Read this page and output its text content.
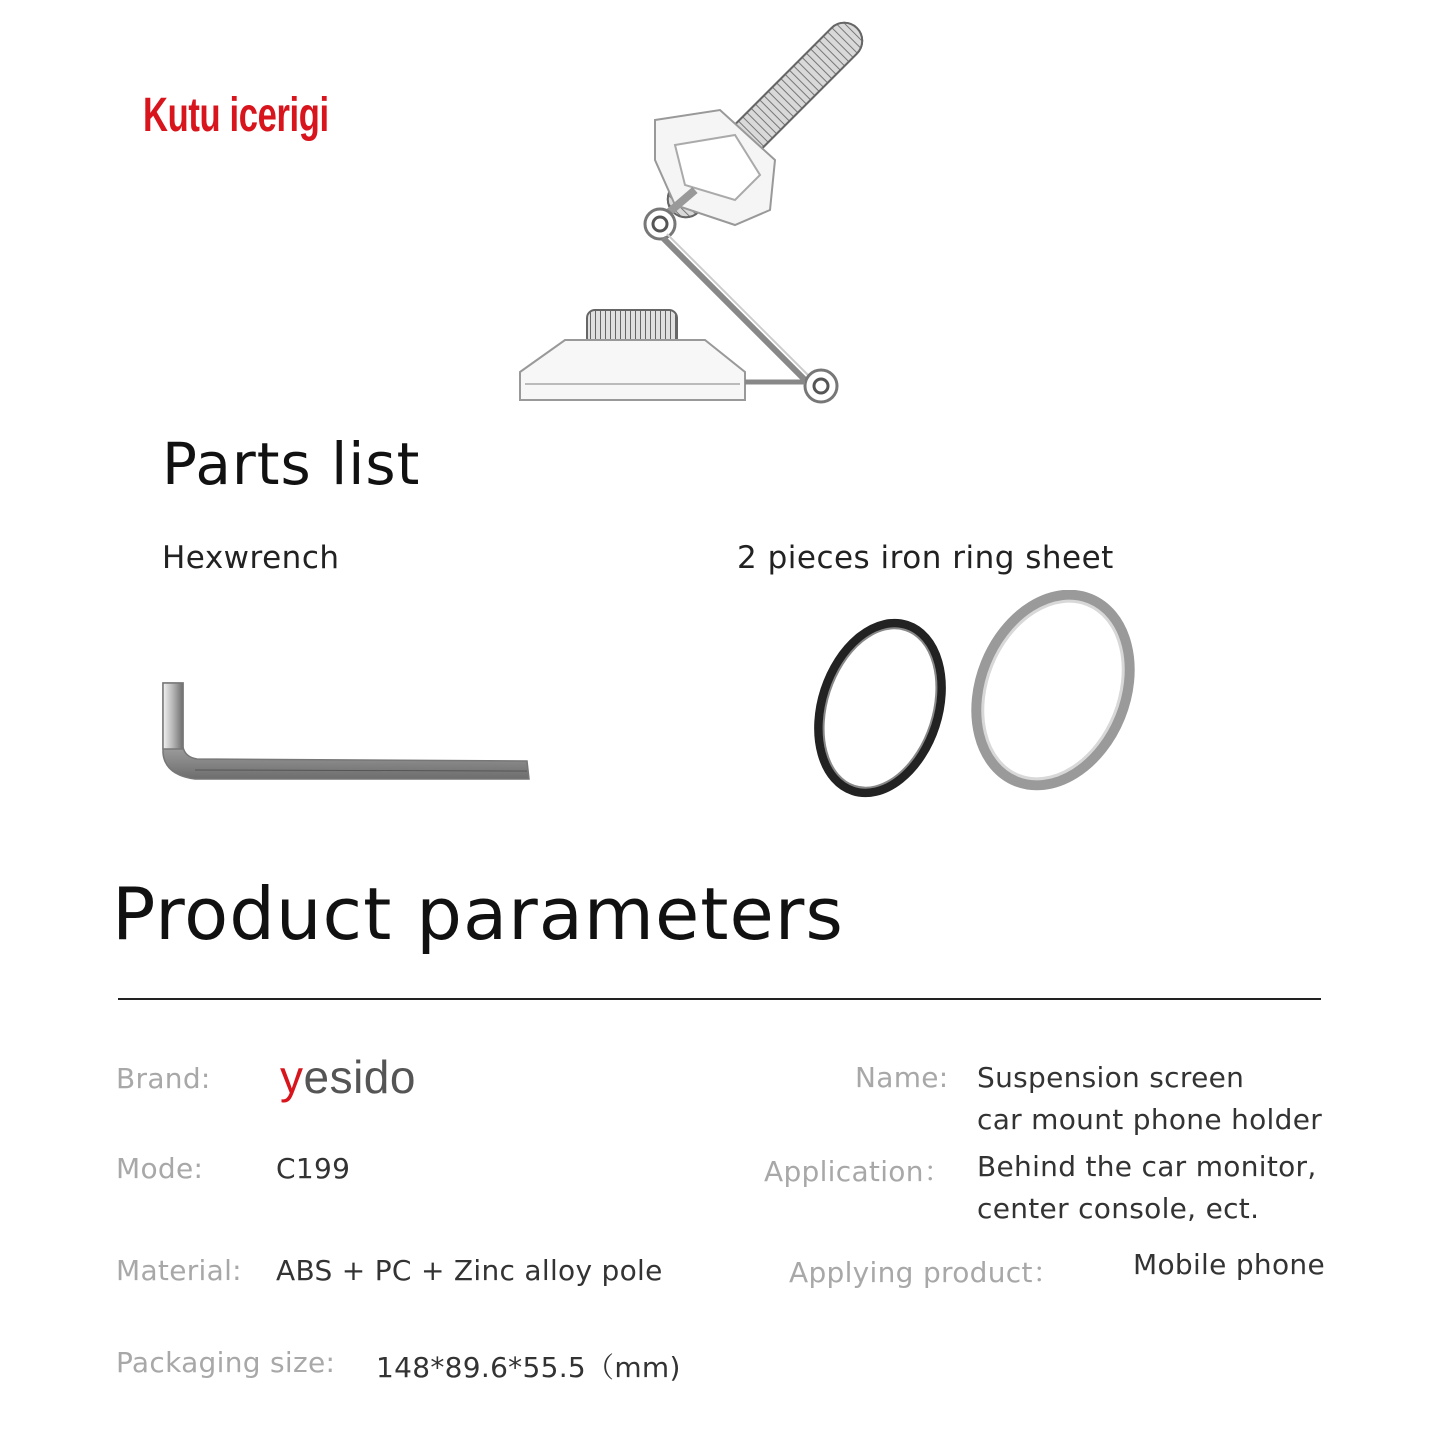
Kutu icerigi
Parts list
Hexwrench	2 pieces iron ring sheet
Product parameters
Brand: yesido
Mode:	C199
Material: ABS + PC + Zinc alloy pole
Packaging size: 148*89.6*55.5（mm)
Name: Suspension screen
car mount phone holder
Application： Behind the car monitor,
center console, ect.
Applying product：	Mobile phone
